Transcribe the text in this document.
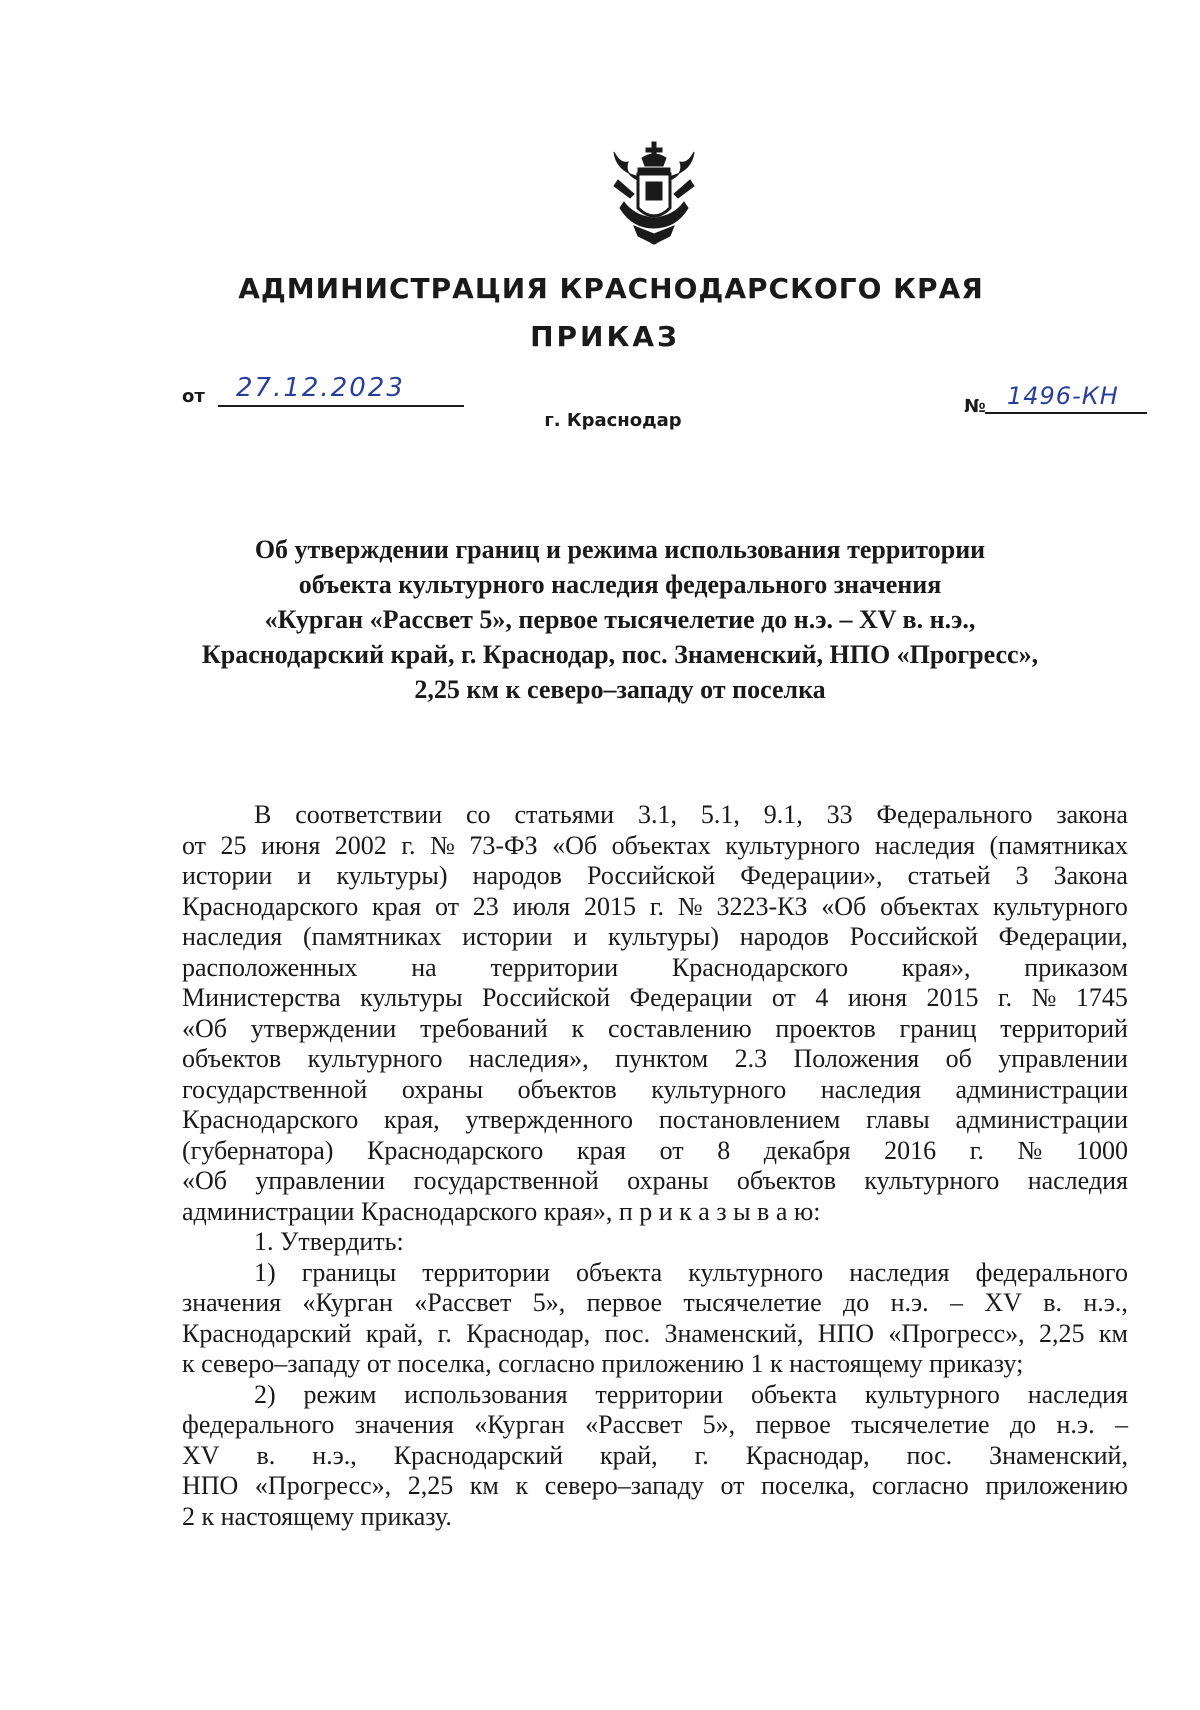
АДМИНИСТРАЦИЯ КРАСНОДАРСКОГО КРАЯ
ПРИКАЗ
от 27.12.2023
г. Краснодар
№ 1496-КН
Об утверждении границ и режима использования территории
объекта культурного наследия федерального значения
«Курган «Рассвет 5», первое тысячелетие до н.э. – XV в. н.э.,
Краснодарский край, г. Краснодар, пос. Знаменский, НПО «Прогресс»,
2,25 км к северо–западу от поселка
В соответствии со статьями 3.1, 5.1, 9.1, 33 Федерального закона
от 25 июня 2002 г. № 73-ФЗ «Об объектах культурного наследия (памятниках
истории и культуры) народов Российской Федерации», статьей 3 Закона
Краснодарского края от 23 июля 2015 г. № 3223-КЗ «Об объектах культурного
наследия (памятниках истории и культуры) народов Российской Федерации,
расположенных на территории Краснодарского края», приказом
Министерства культуры Российской Федерации от 4 июня 2015 г. № 1745
«Об утверждении требований к составлению проектов границ территорий
объектов культурного наследия», пунктом 2.3 Положения об управлении
государственной охраны объектов культурного наследия администрации
Краснодарского края, утвержденного постановлением главы администрации
(губернатора) Краснодарского края от 8 декабря 2016 г. № 1000
«Об управлении государственной охраны объектов культурного наследия
администрации Краснодарского края», п р и к а з ы в а ю:
1. Утвердить:
1) границы территории объекта культурного наследия федерального
значения «Курган «Рассвет 5», первое тысячелетие до н.э. – XV в. н.э.,
Краснодарский край, г. Краснодар, пос. Знаменский, НПО «Прогресс», 2,25 км
к северо–западу от поселка, согласно приложению 1 к настоящему приказу;
2) режим использования территории объекта культурного наследия
федерального значения «Курган «Рассвет 5», первое тысячелетие до н.э. –
XV в. н.э., Краснодарский край, г. Краснодар, пос. Знаменский,
НПО «Прогресс», 2,25 км к северо–западу от поселка, согласно приложению
2 к настоящему приказу.
